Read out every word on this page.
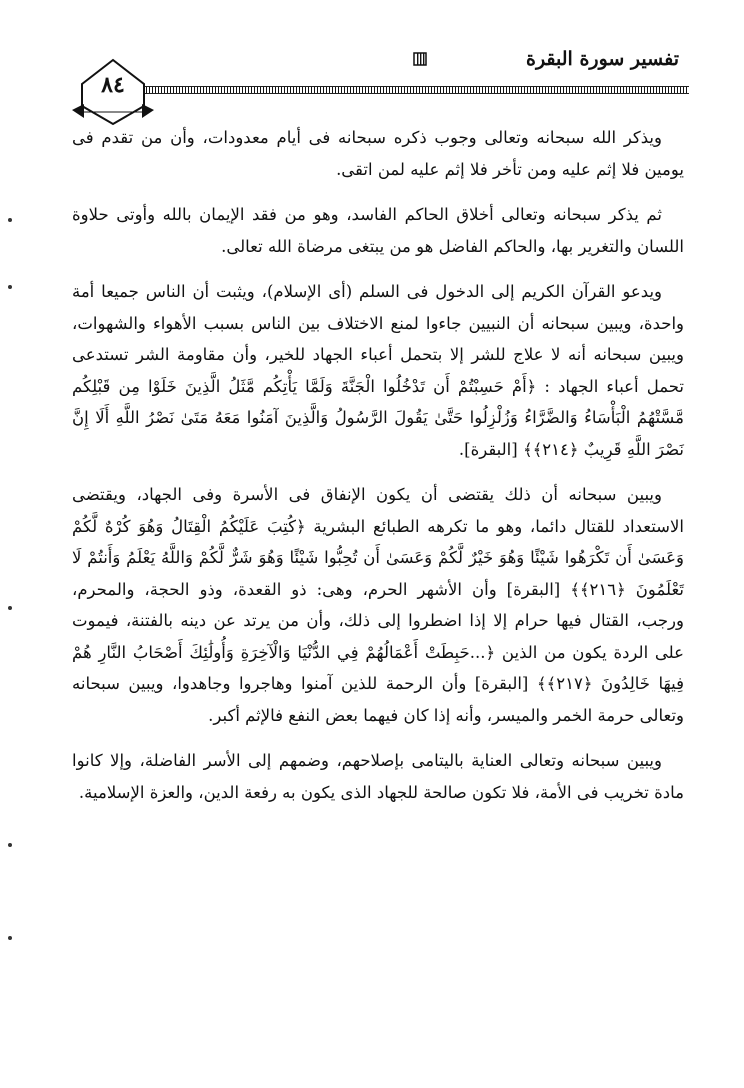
تفسير سورة البقرة
٨٤

ويذكر الله سبحانه وتعالى وجوب ذكره سبحانه فى أيام معدودات، وأن من تقدم فى يومين فلا إثم عليه ومن تأخر فلا إثم عليه لمن اتقى.

ثم يذكر سبحانه وتعالى أخلاق الحاكم الفاسد، وهو من فقد الإيمان بالله وأوتى حلاوة اللسان والتغرير بها، والحاكم الفاضل هو من يبتغى مرضاة الله تعالى.

ويدعو القرآن الكريم إلى الدخول فى السلم (أى الإسلام)، ويثبت أن الناس جميعا أمة واحدة، ويبين سبحانه أن النبيين جاءوا لمنع الاختلاف بين الناس بسبب الأهواء والشهوات، ويبين سبحانه أنه لا علاج للشر إلا بتحمل أعباء الجهاد للخير، وأن مقاومة الشر تستدعى تحمل أعباء الجهاد : ﴿أَمْ حَسِبْتُمْ أَن تَدْخُلُوا الْجَنَّةَ وَلَمَّا يَأْتِكُم مَّثَلُ الَّذِينَ خَلَوْا مِن قَبْلِكُم مَّسَّتْهُمُ الْبَأْسَاءُ وَالضَّرَّاءُ وَزُلْزِلُوا حَتَّىٰ يَقُولَ الرَّسُولُ وَالَّذِينَ آمَنُوا مَعَهُ مَتَىٰ نَصْرُ اللَّهِ أَلَا إِنَّ نَصْرَ اللَّهِ قَرِيبٌ ﴿٢١٤﴾﴾ [البقرة].

ويبين سبحانه أن ذلك يقتضى أن يكون الإنفاق فى الأسرة وفى الجهاد، ويقتضى الاستعداد للقتال دائما، وهو ما تكرهه الطبائع البشرية ﴿كُتِبَ عَلَيْكُمُ الْقِتَالُ وَهُوَ كُرْهٌ لَّكُمْ وَعَسَىٰ أَن تَكْرَهُوا شَيْئًا وَهُوَ خَيْرٌ لَّكُمْ وَعَسَىٰ أَن تُحِبُّوا شَيْئًا وَهُوَ شَرٌّ لَّكُمْ وَاللَّهُ يَعْلَمُ وَأَنتُمْ لَا تَعْلَمُونَ ﴿٢١٦﴾﴾ [البقرة] وأن الأشهر الحرم، وهى: ذو القعدة، وذو الحجة، والمحرم، ورجب، القتال فيها حرام إلا إذا اضطروا إلى ذلك، وأن من يرتد عن دينه بالفتنة، فيموت على الردة يكون من الذين ﴿...حَبِطَتْ أَعْمَالُهُمْ فِي الدُّنْيَا وَالْآخِرَةِ وَأُولَٰئِكَ أَصْحَابُ النَّارِ هُمْ فِيهَا خَالِدُونَ ﴿٢١٧﴾﴾ [البقرة] وأن الرحمة للذين آمنوا وهاجروا وجاهدوا، ويبين سبحانه وتعالى حرمة الخمر والميسر، وأنه إذا كان فيهما بعض النفع فالإثم أكبر.

ويبين سبحانه وتعالى العناية باليتامى بإصلاحهم، وضمهم إلى الأسر الفاضلة، وإلا كانوا مادة تخريب فى الأمة، فلا تكون صالحة للجهاد الذى يكون به رفعة الدين، والعزة الإسلامية.
